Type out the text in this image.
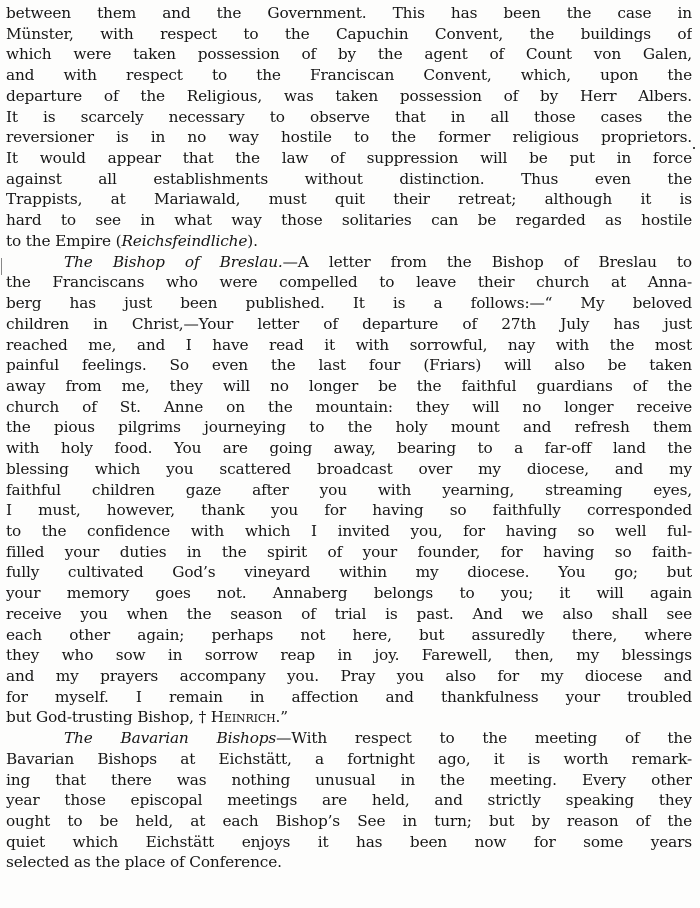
between them and the Government. This has been the case in
Münster, with respect to the Capuchin Convent, the buildings of
which were taken possession of by the agent of Count von Galen,
and with respect to the Franciscan Convent, which, upon the
departure of the Religious, was taken possession of by Herr Albers.
It is scarcely necessary to observe that in all those cases the
reversioner is in no way hostile to the former religious proprietors.
It would appear that the law of suppression will be put in force
against all establishments without distinction. Thus even the
Trappists, at Mariawald, must quit their retreat; although it is
hard to see in what way those solitaries can be regarded as hostile
to the Empire (Reichsfeindliche).
The Bishop of Breslau.—A letter from the Bishop of Breslau to
the Franciscans who were compelled to leave their church at Anna-
berg has just been published. It is a follows:—“ My beloved
children in Christ,—Your letter of departure of 27th July has just
reached me, and I have read it with sorrowful, nay with the most
painful feelings. So even the last four (Friars) will also be taken
away from me, they will no longer be the faithful guardians of the
church of St. Anne on the mountain: they will no longer receive
the pious pilgrims journeying to the holy mount and refresh them
with holy food. You are going away, bearing to a far-off land the
blessing which you scattered broadcast over my diocese, and my
faithful children gaze after you with yearning, streaming eyes,
I must, however, thank you for having so faithfully corresponded
to the confidence with which I invited you, for having so well ful-
filled your duties in the spirit of your founder, for having so faith-
fully cultivated God’s vineyard within my diocese. You go; but
your memory goes not. Annaberg belongs to you; it will again
receive you when the season of trial is past. And we also shall see
each other again; perhaps not here, but assuredly there, where
they who sow in sorrow reap in joy. Farewell, then, my blessings
and my prayers accompany you. Pray you also for my diocese and
for myself. I remain in affection and thankfulness your troubled
but God-trusting Bishop, † Heinrich.”
The Bavarian Bishops—With respect to the meeting of the
Bavarian Bishops at Eichstätt, a fortnight ago, it is worth remark-
ing that there was nothing unusual in the meeting. Every other
year those episcopal meetings are held, and strictly speaking they
ought to be held, at each Bishop’s See in turn; but by reason of the
quiet which Eichstätt enjoys it has been now for some years
selected as the place of Conference.
